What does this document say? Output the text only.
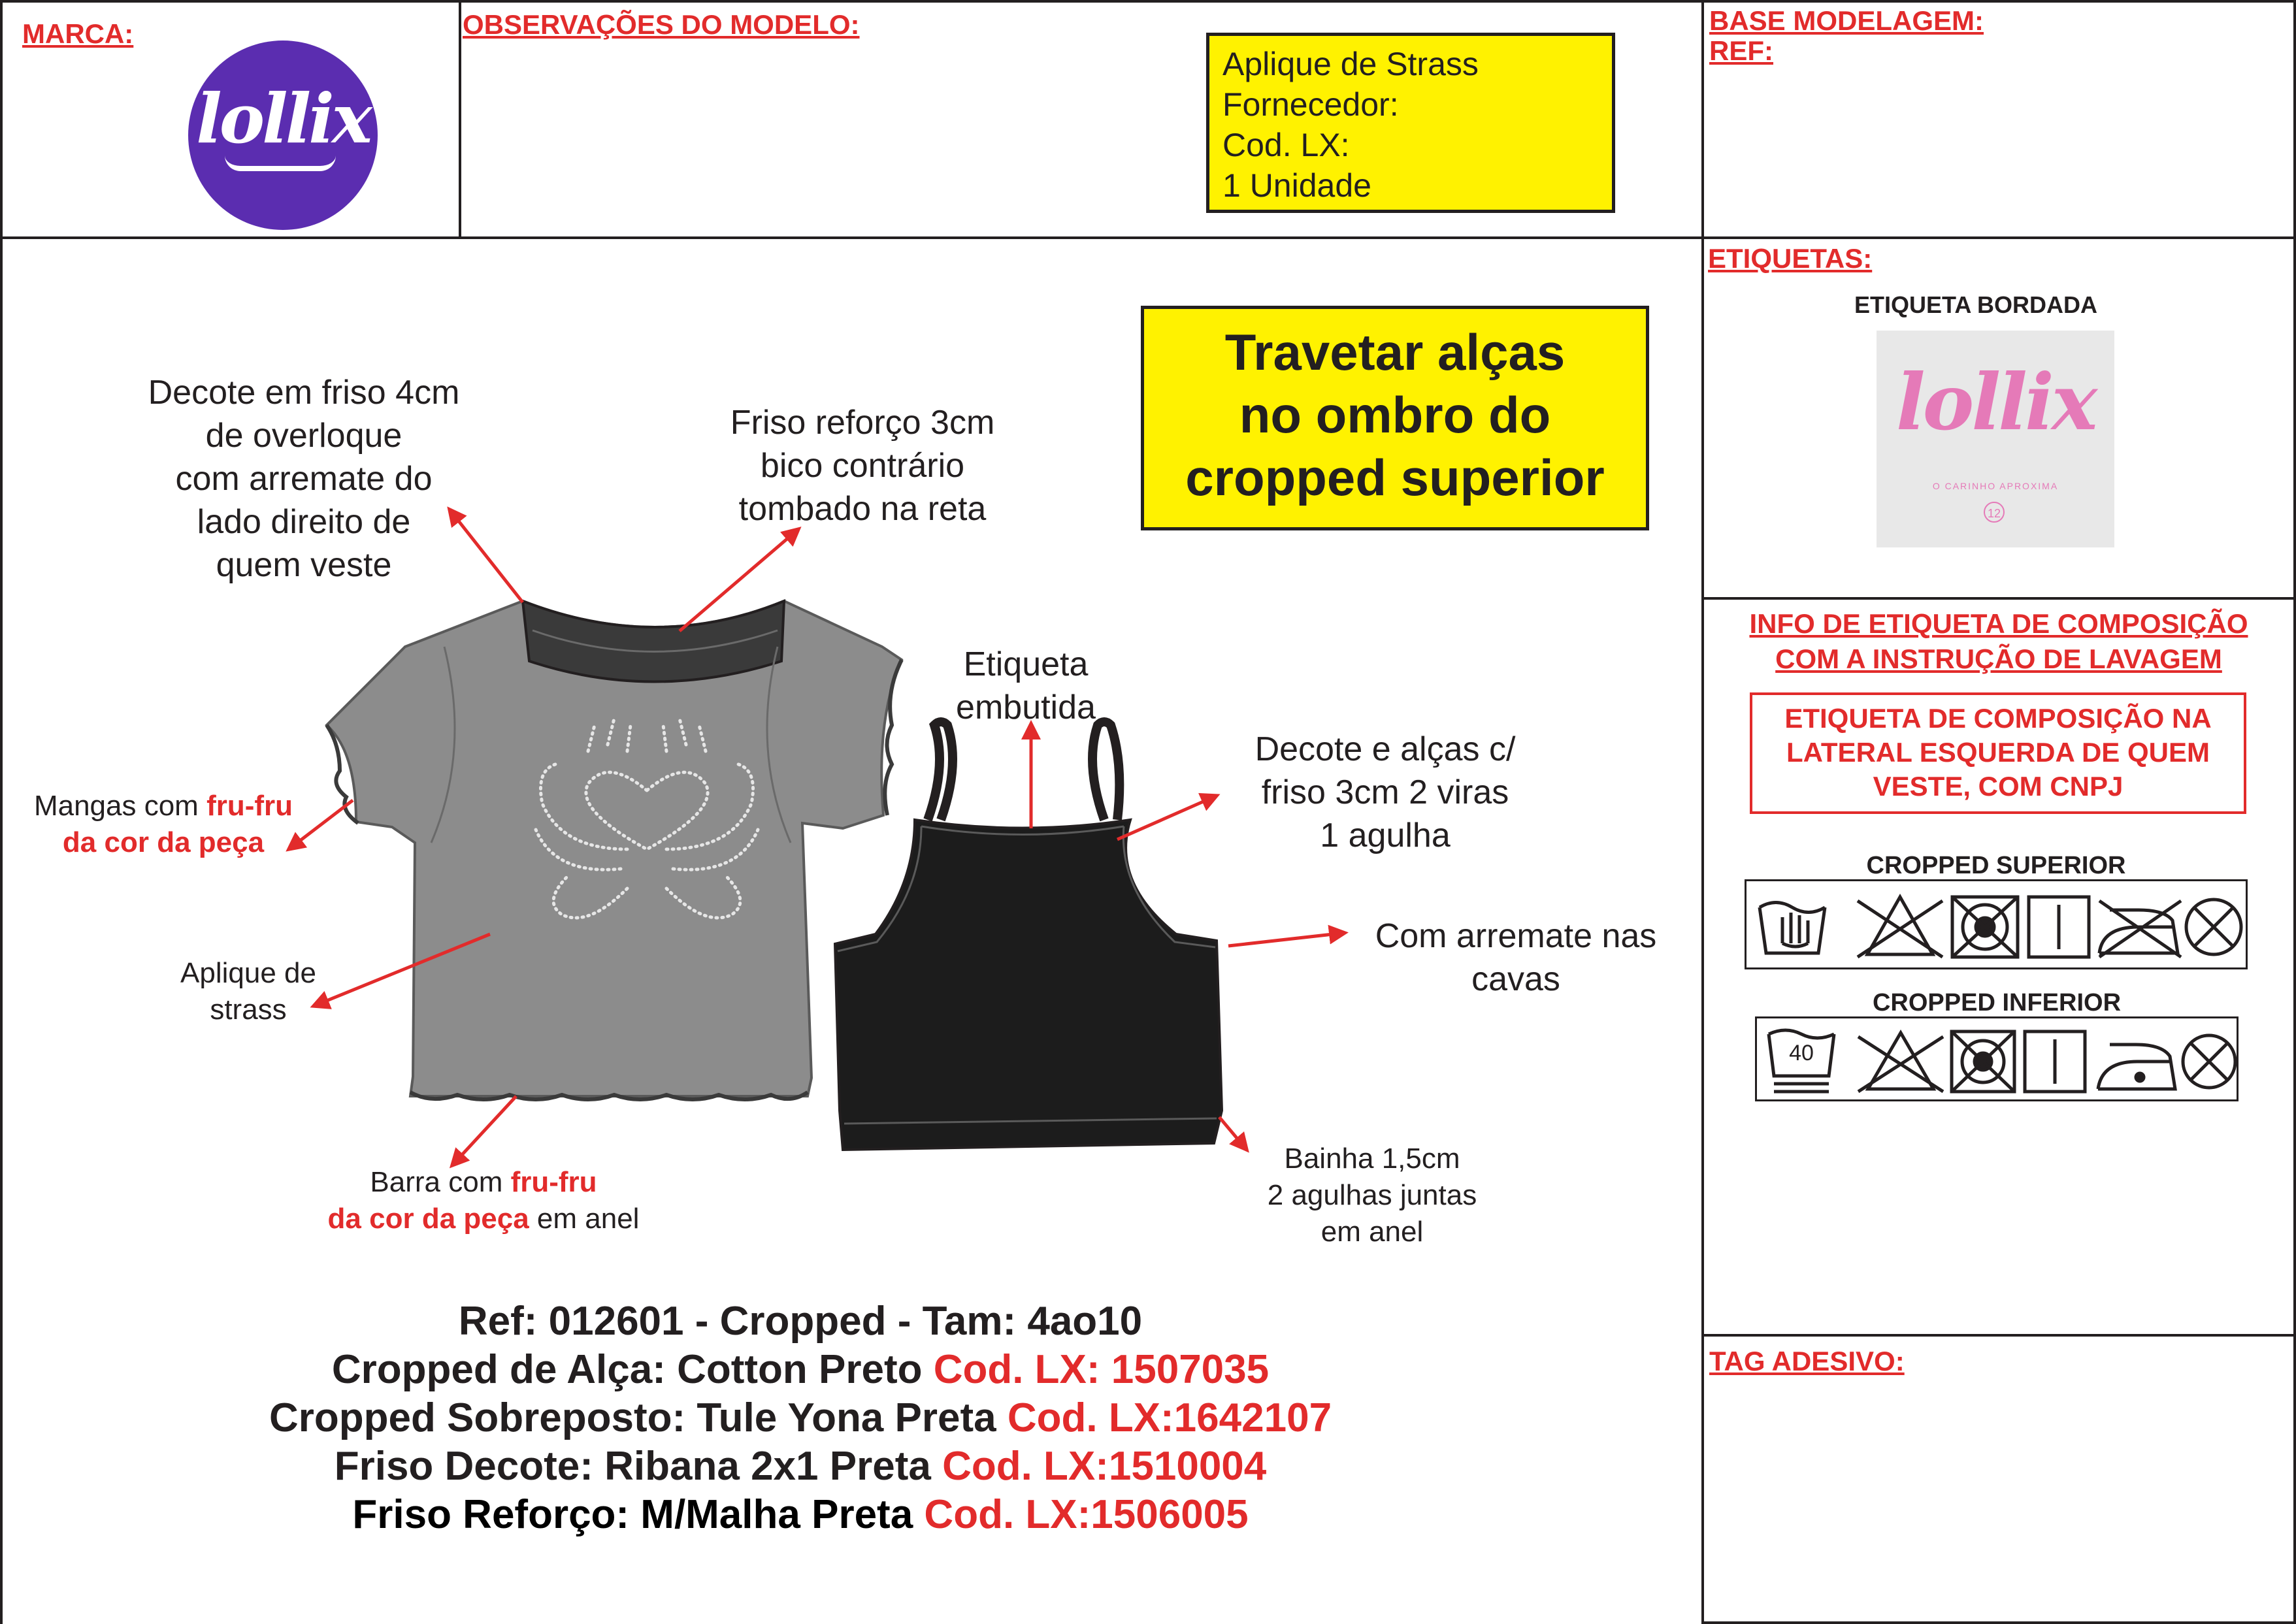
MARCA:
lollix
OBSERVAÇÕES DO MODELO:
Aplique de Strass
Fornecedor:
Cod. LX:
1 Unidade
BASE MODELAGEM:
REF:
ETIQUETAS:
ETIQUETA BORDADA
lollix
O CARINHO APROXIMA
12
INFO DE ETIQUETA DE COMPOSIÇÃO
COM A INSTRUÇÃO DE LAVAGEM
ETIQUETA DE COMPOSIÇÃO NA
LATERAL ESQUERDA DE QUEM
VESTE, COM CNPJ
CROPPED SUPERIOR
CROPPED INFERIOR
40
TAG ADESIVO:
Travetar alças
no ombro do
cropped superior
Decote em friso 4cm
de overloque
com arremate do
lado direito de
quem veste
Friso reforço 3cm
bico contrário
tombado na reta
Etiqueta
embutida
Decote e alças c/
friso 3cm 2 viras
1 agulha
Mangas com fru-fru
da cor da peça
Aplique de
strass
Com arremate nas
cavas
Barra com fru-fru
da cor da peça em anel
Bainha 1,5cm
2 agulhas juntas
em anel
Ref: 012601 - Cropped - Tam: 4ao10
Cropped de Alça: Cotton Preto Cod. LX: 1507035
Cropped Sobreposto: Tule Yona Preta Cod. LX:1642107
Friso Decote: Ribana 2x1 Preta Cod. LX:1510004
Friso Reforço: M/Malha Preta Cod. LX:1506005
